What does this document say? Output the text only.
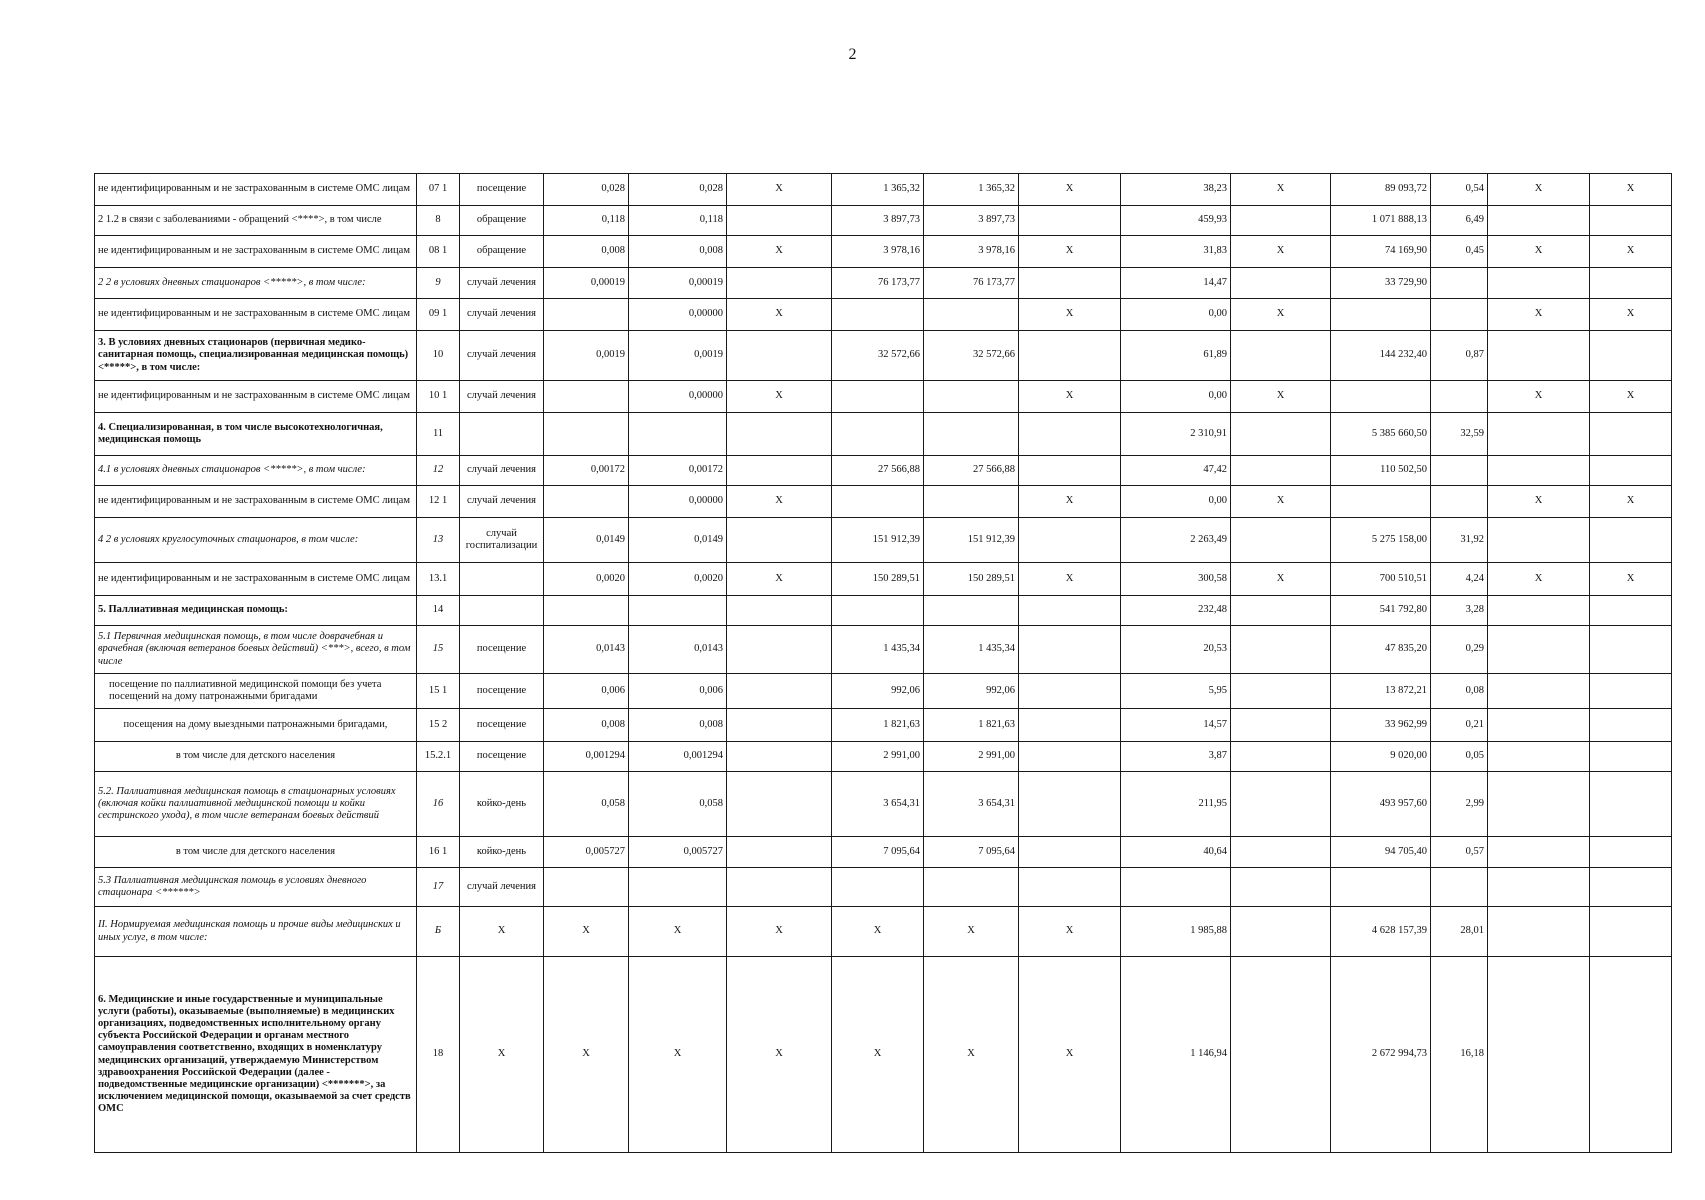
2
не идентифицированным и не застрахованным в системе ОМС лицам	07 1	посещение	0,028	0,028	X	1 365,32	1 365,32	X	38,23	X	89 093,72	0,54	X	X
2 1.2 в связи с заболеваниями - обращений <****>, в том числе	8	обращение	0,118	0,118		3 897,73	3 897,73		459,93		1 071 888,13	6,49		
не идентифицированным и не застрахованным в системе ОМС лицам	08 1	обращение	0,008	0,008	X	3 978,16	3 978,16	X	31,83	X	74 169,90	0,45	X	X
2 2 в условиях дневных стационаров <*****>, в том числе:	9	случай лечения	0,00019	0,00019		76 173,77	76 173,77		14,47		33 729,90			
не идентифицированным и не застрахованным в системе ОМС лицам	09 1	случай лечения		0,00000	X			X	0,00	X			X	X
3. В условиях дневных стационаров (первичная медико-санитарная помощь, специализированная медицинская помощь) <*****>, в том числе:	10	случай лечения	0,0019	0,0019		32 572,66	32 572,66		61,89		144 232,40	0,87		
не идентифицированным и не застрахованным в системе ОМС лицам	10 1	случай лечения		0,00000	X			X	0,00	X			X	X
4. Специализированная, в том числе высокотехнологичная, медицинская помощь	11								2 310,91		5 385 660,50	32,59		
4.1 в условиях дневных стационаров <*****>, в том числе:	12	случай лечения	0,00172	0,00172		27 566,88	27 566,88		47,42		110 502,50			
не идентифицированным и не застрахованным в системе ОМС лицам	12 1	случай лечения		0,00000	X			X	0,00	X			X	X
4 2 в условиях круглосуточных стационаров, в том числе:	13	случай госпитализации	0,0149	0,0149		151 912,39	151 912,39		2 263,49		5 275 158,00	31,92		
не идентифицированным и не застрахованным в системе ОМС лицам	13.1		0,0020	0,0020	X	150 289,51	150 289,51	X	300,58	X	700 510,51	4,24	X	X
5. Паллиативная медицинская помощь:	14								232,48		541 792,80	3,28		
5.1 Первичная медицинская помощь, в том числе доврачебная и врачебная (включая ветеранов боевых действий) <***>, всего, в том числе	15	посещение	0,0143	0,0143		1 435,34	1 435,34		20,53		47 835,20	0,29		
посещение по паллиативной медицинской помощи без учета посещений на дому патронажными бригадами	15 1	посещение	0,006	0,006		992,06	992,06		5,95		13 872,21	0,08		
посещения на дому выездными патронажными бригадами,	15 2	посещение	0,008	0,008		1 821,63	1 821,63		14,57		33 962,99	0,21		
в том числе для детского населения	15.2.1	посещение	0,001294	0,001294		2 991,00	2 991,00		3,87		9 020,00	0,05		
5.2. Паллиативная медицинская помощь в стационарных условиях (включая койки паллиативной медицинской помощи и койки сестринского ухода), в том числе ветеранам боевых действий	16	койко-день	0,058	0,058		3 654,31	3 654,31		211,95		493 957,60	2,99		
в том числе для детского населения	16 1	койко-день	0,005727	0,005727		7 095,64	7 095,64		40,64		94 705,40	0,57		
5.3 Паллиативная медицинская помощь в условиях дневного стационара <******>	17	случай лечения												
II. Нормируемая медицинская помощь и прочие виды медицинских и иных услуг, в том числе:	Б	X	X	X	X	X	X	X	1 985,88		4 628 157,39	28,01		
6. Медицинские и иные государственные и муниципальные услуги (работы), оказываемые (выполняемые) в медицинских организациях, подведомственных исполнительному органу субъекта Российской Федерации и органам местного самоуправления соответственно, входящих в номенклатуру медицинских организаций, утверждаемую Министерством здравоохранения Российской Федерации (далее - подведомственные медицинские организации) <*******>, за исключением медицинской помощи, оказываемой за счет средств ОМС	18	X	X	X	X	X	X	X	1 146,94		2 672 994,73	16,18		
